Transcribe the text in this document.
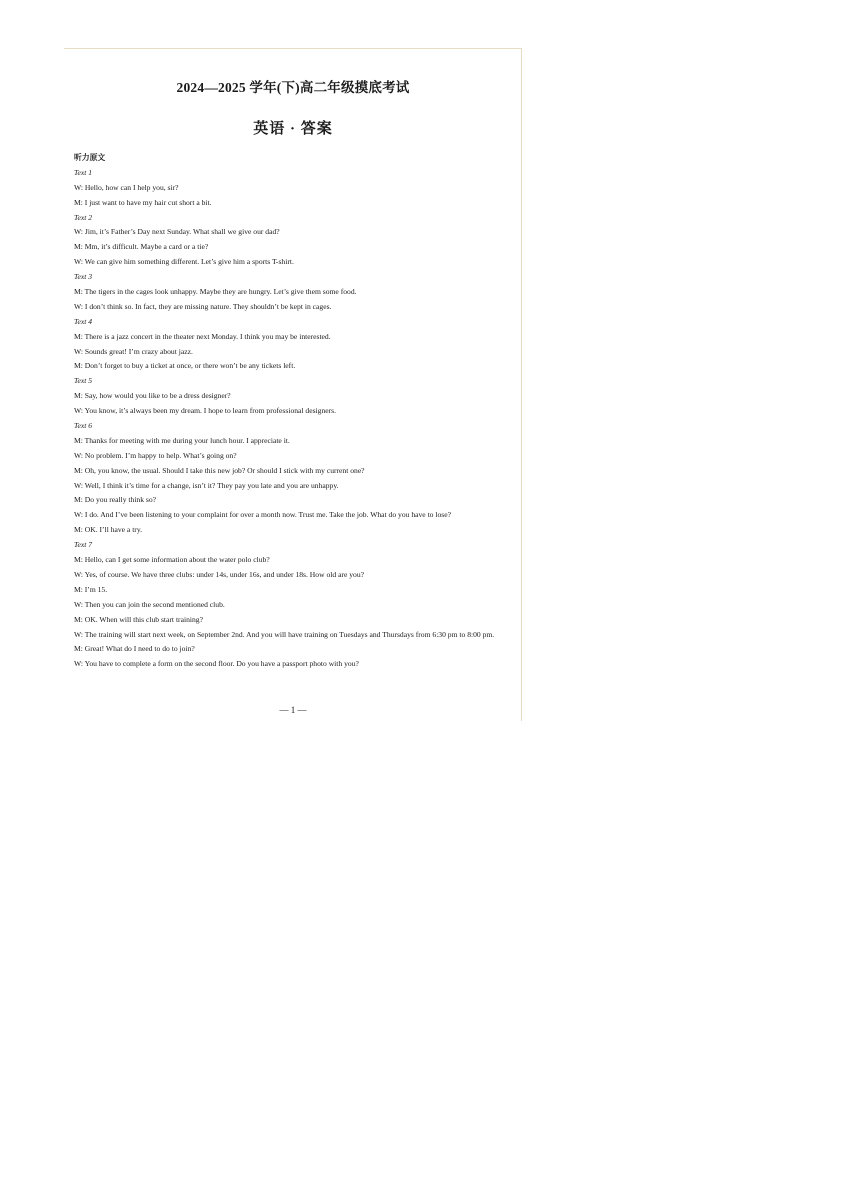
2024—2025 学年(下)高二年级摸底考试
英语 · 答案
听力原文
Text 1
W: Hello, how can I help you, sir?
M: I just want to have my hair cut short a bit.
Text 2
W: Jim, it’s Father’s Day next Sunday. What shall we give our dad?
M: Mm, it’s difficult. Maybe a card or a tie?
W: We can give him something different. Let’s give him a sports T-shirt.
Text 3
M: The tigers in the cages look unhappy. Maybe they are hungry. Let’s give them some food.
W: I don’t think so. In fact, they are missing nature. They shouldn’t be kept in cages.
Text 4
M: There is a jazz concert in the theater next Monday. I think you may be interested.
W: Sounds great! I’m crazy about jazz.
M: Don’t forget to buy a ticket at once, or there won’t be any tickets left.
Text 5
M: Say, how would you like to be a dress designer?
W: You know, it’s always been my dream. I hope to learn from professional designers.
Text 6
M: Thanks for meeting with me during your lunch hour. I appreciate it.
W: No problem. I’m happy to help. What’s going on?
M: Oh, you know, the usual. Should I take this new job? Or should I stick with my current one?
W: Well, I think it’s time for a change, isn’t it? They pay you late and you are unhappy.
M: Do you really think so?
W: I do. And I’ve been listening to your complaint for over a month now. Trust me. Take the job. What do you have to lose?
M: OK. I’ll have a try.
Text 7
M: Hello, can I get some information about the water polo club?
W: Yes, of course. We have three clubs: under 14s, under 16s, and under 18s. How old are you?
M: I’m 15.
W: Then you can join the second mentioned club.
M: OK. When will this club start training?
W: The training will start next week, on September 2nd. And you will have training on Tuesdays and Thursdays from 6:30 pm to 8:00 pm.
M: Great! What do I need to do to join?
W: You have to complete a form on the second floor. Do you have a passport photo with you?
— 1 —
